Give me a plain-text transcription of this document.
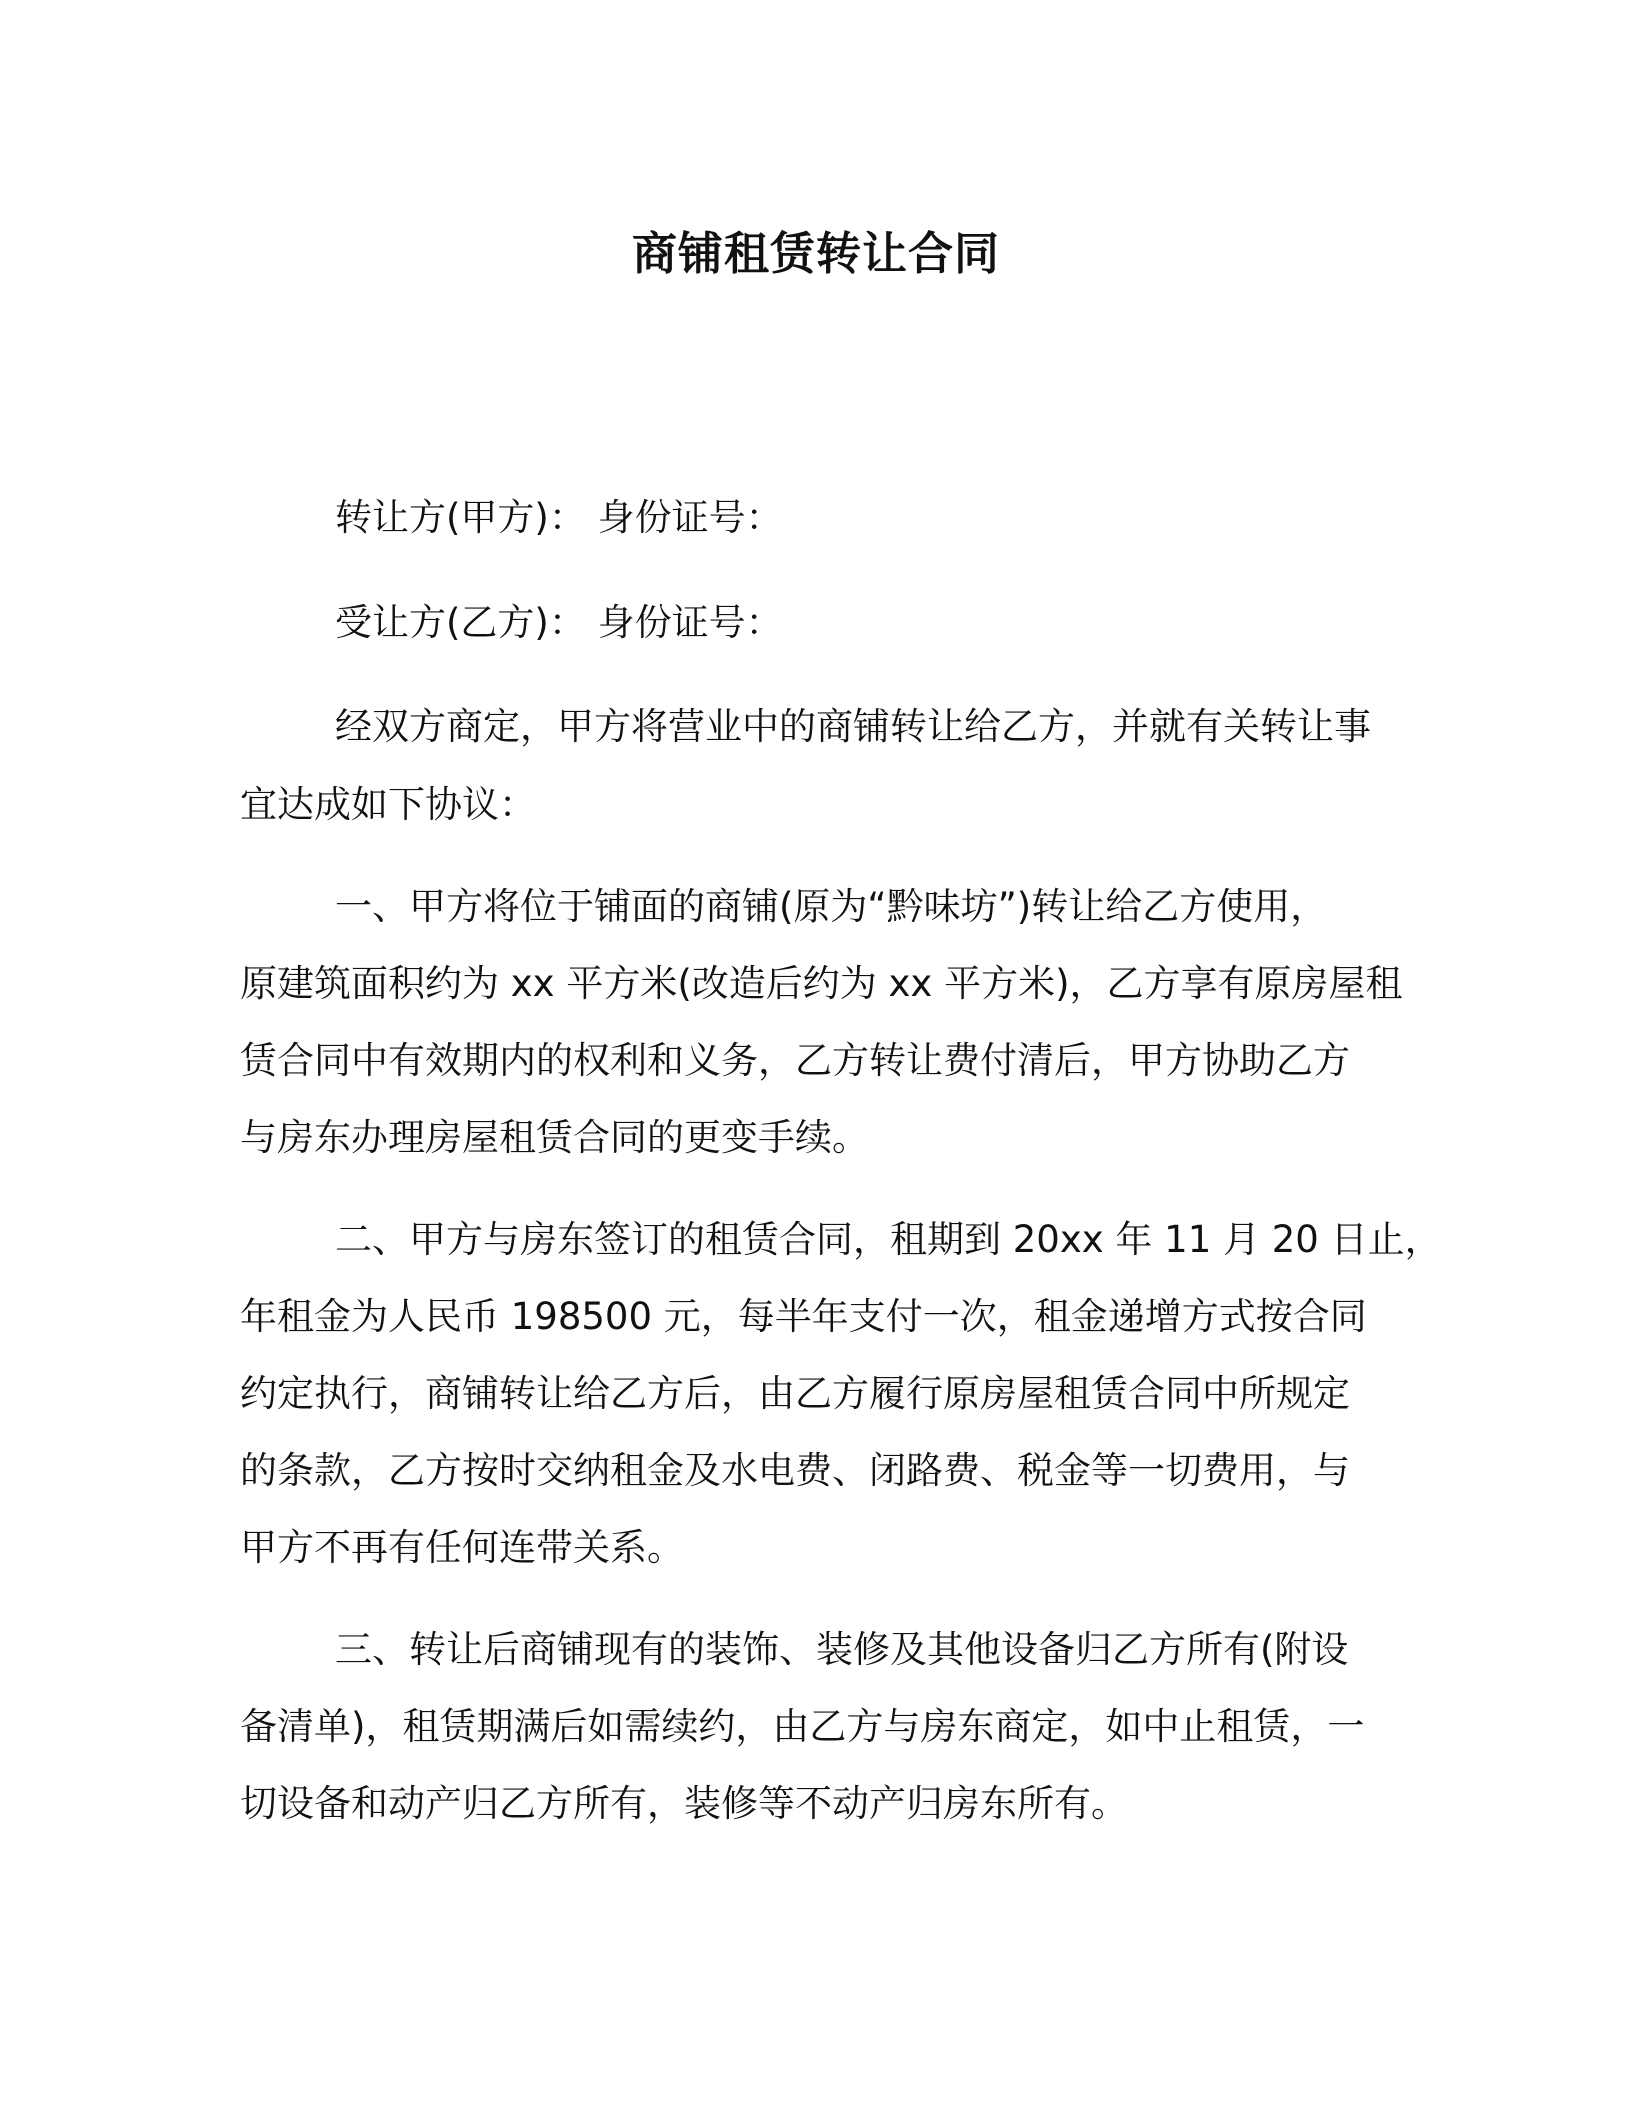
商铺租赁转让合同
转让方(甲方)： 身份证号：
受让方(乙方)： 身份证号：
经双方商定，甲方将营业中的商铺转让给乙方，并就有关转让事
宜达成如下协议：
一、甲方将位于铺面的商铺(原为“黔味坊”)转让给乙方使用，
原建筑面积约为 xx 平方米(改造后约为 xx 平方米)，乙方享有原房屋租
赁合同中有效期内的权利和义务，乙方转让费付清后，甲方协助乙方
与房东办理房屋租赁合同的更变手续。
二、甲方与房东签订的租赁合同，租期到 20xx 年 11 月 20 日止，
年租金为人民币 198500 元，每半年支付一次，租金递增方式按合同
约定执行，商铺转让给乙方后，由乙方履行原房屋租赁合同中所规定
的条款，乙方按时交纳租金及水电费、闭路费、税金等一切费用，与
甲方不再有任何连带关系。
三、转让后商铺现有的装饰、装修及其他设备归乙方所有(附设
备清单)，租赁期满后如需续约，由乙方与房东商定，如中止租赁，一
切设备和动产归乙方所有，装修等不动产归房东所有。
